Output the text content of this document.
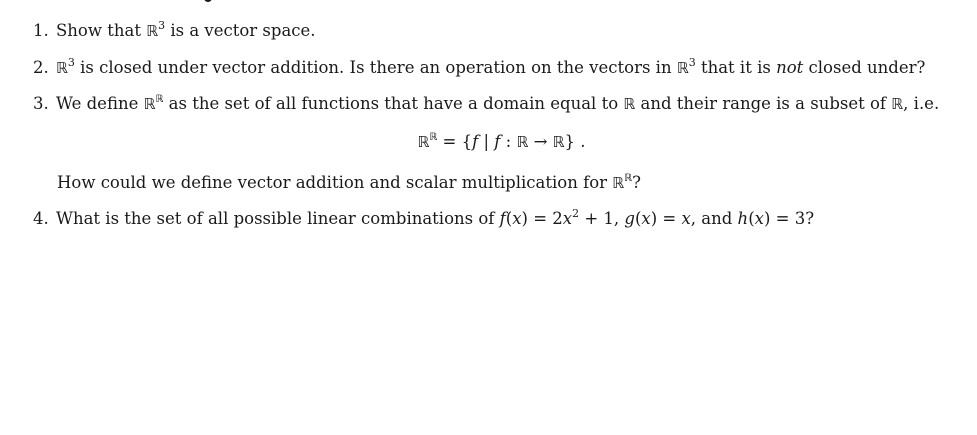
1. Show that ℝ$^3$ is a vector space.
2. ℝ$^3$ is closed under vector addition. Is there an operation on the vectors in ℝ$^3$ that it is not closed under?
3. We define ℝ$^ℝ$ as the set of all functions that have a domain equal to ℝ and their range is a subset of ℝ, i.e.
ℝ$^ℝ$ = {f | f : ℝ → ℝ} .
How could we define vector addition and scalar multiplication for ℝ$^ℝ$?
4. What is the set of all possible linear combinations of $f(x) = 2x^2 + 1$, g(x) = x, and h(x) = 3?
